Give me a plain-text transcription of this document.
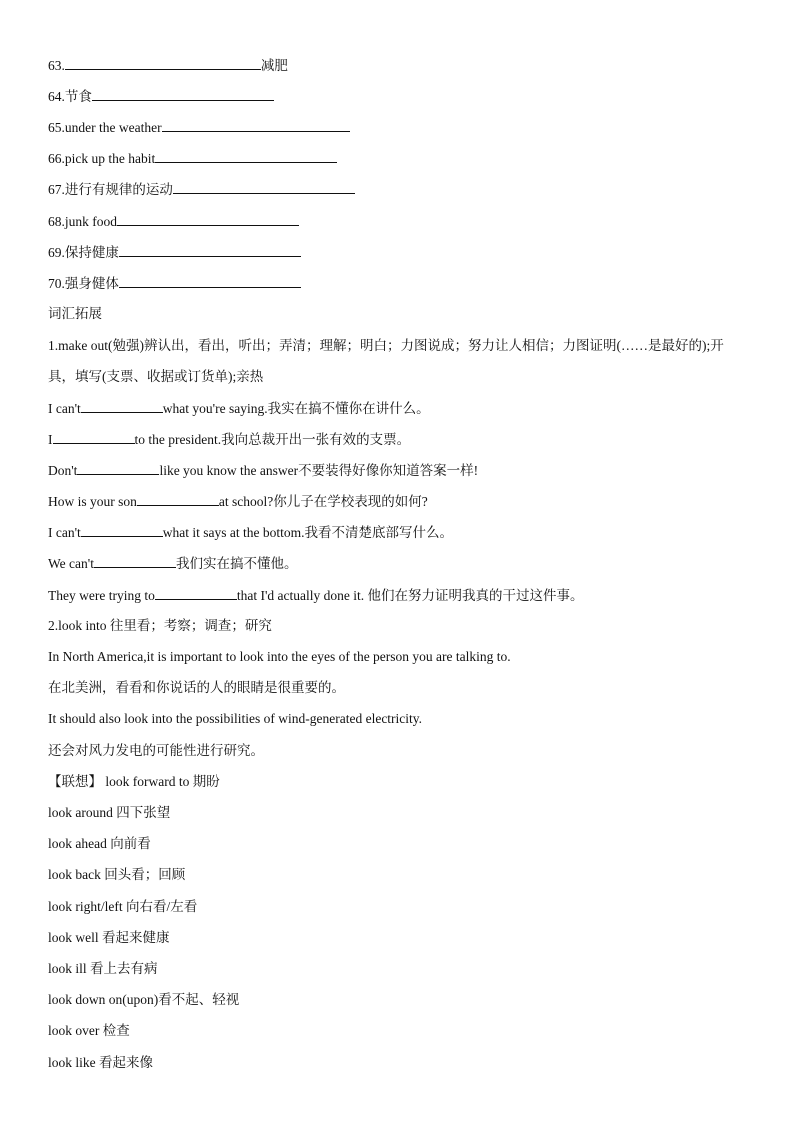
63.	减肥
64.节食
65.under the weather
66.pick up the habit
67.进行有规律的运动
68.junk food
69.保持健康
70.强身健体
词汇拓展
1.make out(勉强)辨认出，看出，听出；弄清；理解；明白；力图说成；努力让人相信；力图证明(……是最好的);开具，填写(支票、收据或订货单);亲热
I can't	what you're saying.我实在搞不懂你在讲什么。
I	to the president.我向总裁开出一张有效的支票。
Don't	like you know the answer不要装得好像你知道答案一样!
How is your son	at school?你儿子在学校表现的如何?
I can't	what it says at the bottom.我看不清楚底部写什么。
We can't	我们实在搞不懂他。
They were trying to	that I'd actually done it. 他们在努力证明我真的干过这件事。
2.look into 往里看；考察；调查；研究
In North America,it is important to look into the eyes of the person you are talking to.
在北美洲，看看和你说话的人的眼睛是很重要的。
It should also look into the possibilities of wind-generated electricity.
还会对风力发电的可能性进行研究。
【联想】 look forward to 期盼
look around 四下张望
look ahead 向前看
look back 回头看；回顾
look right/left 向右看/左看
look well 看起来健康
look ill 看上去有病
look down on(upon)看不起、轻视
look over 检查
look like 看起来像
